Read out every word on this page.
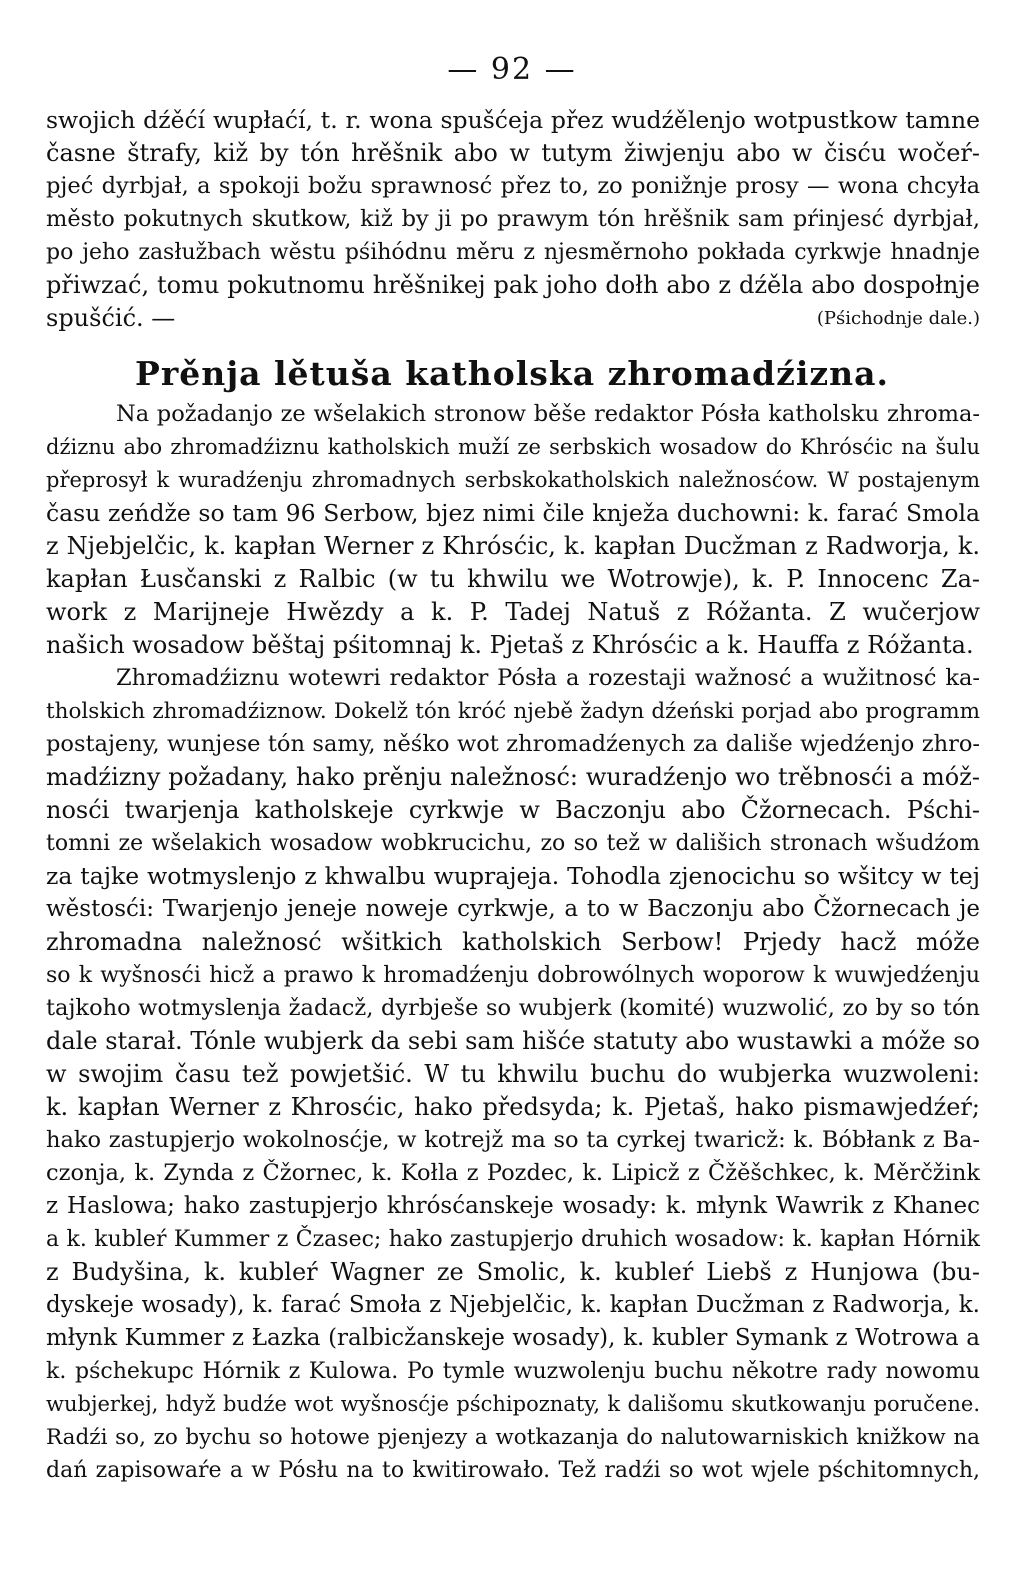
— 92 —
swojich dźěćí wupłaćí, t. r. wona spušćeja přez wudźělenjo wotpustkow tamne
časne štrafy, kiž by tón hrěšnik abo w tutym žiwjenju abo w čisću wočeŕ-
pjeć dyrbjał, a spokoji božu sprawnosć přez to, zo ponižnje prosy — wona chcyła
město pokutnych skutkow, kiž by ji po prawym tón hrěšnik sam pŕinjesć dyrbjał,
po jeho zasłužbach wěstu pśihódnu měru z njesměrnoho pokłada cyrkwje hnadnje
přiwzać, tomu pokutnomu hrěšnikej pak joho dołh abo z dźěla abo dospołnje
spušćić. —	(Pśichodnje dale.)
Prěnja lětuša katholska zhromadźizna.
Na požadanjo ze wšelakich stronow běše redaktor Pósła katholsku zhroma-
dźiznu abo zhromadźiznu katholskich muží ze serbskich wosadow do Khrósćic na šulu
přeprosył k wuradźenju zhromadnych serbskokatholskich naležnosćow. W postajenym
času zeńdže so tam 96 Serbow, bjez nimi čile knježa duchowni: k. farać Smola
z Njebjelčic, k. kapłan Werner z Khrósćic, k. kapłan Ducžman z Radworja, k.
kapłan Łusčanski z Ralbic (w tu khwilu we Wotrowje), k. P. Innocenc Za-
work z Marijneje Hwězdy a k. P. Tadej Natuš z Róžanta. Z wučerjow
našich wosadow běštaj pśitomnaj k. Pjetaš z Khrósćic a k. Hauffa z Róžanta.
Zhromadźiznu wotewri redaktor Pósła a rozestaji wažnosć a wužitnosć ka-
tholskich zhromadźiznow. Dokelž tón króć njebě žadyn dźeński porjad abo programm
postajeny, wunjese tón samy, něśko wot zhromadźenych za dališe wjedźenjo zhro-
madźizny požadany, hako prěnju naležnosć: wuradźenjo wo trěbnosći a móž-
nosći twarjenja katholskeje cyrkwje w Baczonju abo Čžornecach. Pśchi-
tomni ze wšelakich wosadow wobkrucichu, zo so tež w dališich stronach wšudźom
za tajke wotmyslenjo z khwalbu wuprajeja. Tohodla zjenocichu so wšitcy w tej
wěstosći: Twarjenjo jeneje noweje cyrkwje, a to w Baczonju abo Čžornecach je
zhromadna naležnosć wšitkich katholskich Serbow! Prjedy hacž móže
so k wyšnosći hicž a prawo k hromadźenju dobrowólnych woporow k wuwjedźenju
tajkoho wotmyslenja žadacž, dyrbješe so wubjerk (komité) wuzwolić, zo by so tón
dale starał. Tónle wubjerk da sebi sam hišće statuty abo wustawki a móže so
w swojim času tež powjetšić. W tu khwilu buchu do wubjerka wuzwoleni:
k. kapłan Werner z Khrosćic, hako předsyda; k. Pjetaš, hako pismawjedźeŕ;
hako zastupjerjo wokolnosćje, w kotrejž ma so ta cyrkej twaricž: k. Bóbłank z Ba-
czonja, k. Zynda z Čžornec, k. Kołla z Pozdec, k. Lipicž z Čžěšchkec, k. Měrčžink
z Haslowa; hako zastupjerjo khrósćanskeje wosady: k. młynk Wawrik z Khanec
a k. kubleŕ Kummer z Čzasec; hako zastupjerjo druhich wosadow: k. kapłan Hórnik
z Budyšina, k. kubleŕ Wagner ze Smolic, k. kubleŕ Liebš z Hunjowa (bu-
dyskeje wosady), k. farać Smoła z Njebjelčic, k. kapłan Ducžman z Radworja, k.
młynk Kummer z Łazka (ralbicžanskeje wosady), k. kubler Symank z Wotrowa a
k. pśchekupc Hórnik z Kulowa. Po tymle wuzwolenju buchu někotre rady nowomu
wubjerkej, hdyž budźe wot wyšnosćje pśchipoznaty, k dališomu skutkowanju poručene.
Radźi so, zo bychu so hotowe pjenjezy a wotkazanja do nalutowarniskich knižkow na
dań zapisowaŕe a w Pósłu na to kwitirowało. Tež radźi so wot wjele pśchitomnych,
